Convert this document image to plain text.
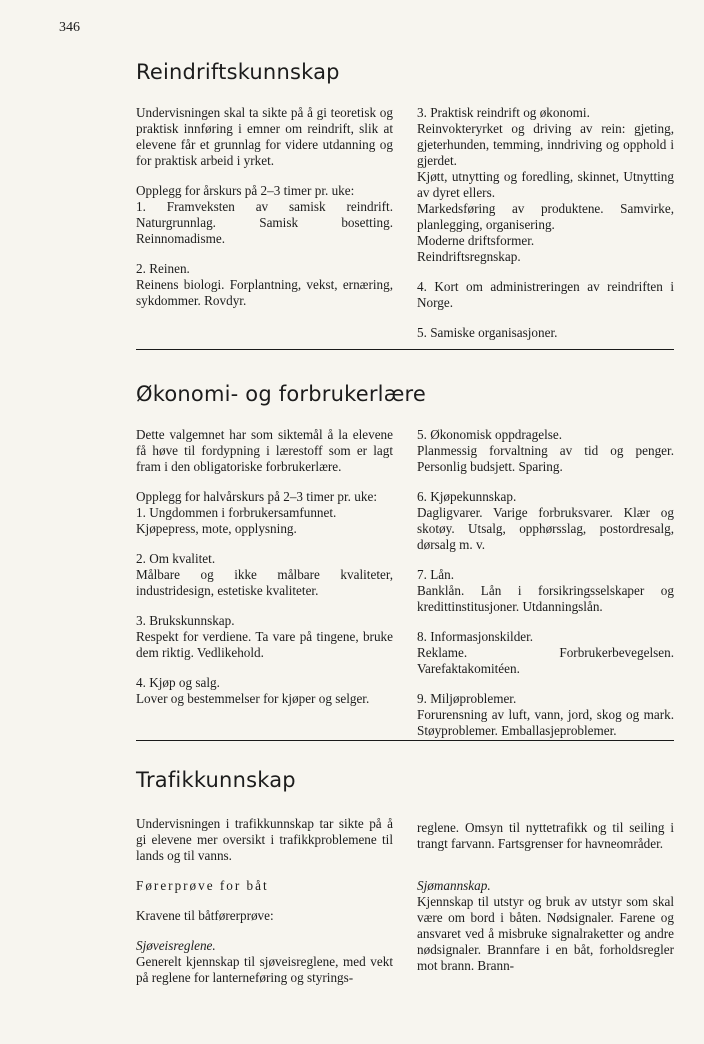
346
Reindriftskunnskap

Undervisningen skal ta sikte på å gi teoretisk og praktisk innføring i emner om reindrift, slik at elevene får et grunnlag for videre utdanning og for praktisk arbeid i yrket.

Opplegg for årskurs på 2–3 timer pr. uke:
1. Framveksten av samisk reindrift. Naturgrunnlag. Samisk bosetting. Reinnomadisme.

2. Reinen.
Reinens biologi. Forplantning, vekst, ernæring, sykdommer. Rovdyr.

3. Praktisk reindrift og økonomi.
Reinvokteryrket og driving av rein: gjeting, gjeterhunden, temming, inndriving og opphold i gjerdet.
Kjøtt, utnytting og foredling, skinnet, Utnytting av dyret ellers.
Markedsføring av produktene. Samvirke, planlegging, organisering.
Moderne driftsformer.
Reindriftsregnskap.

4. Kort om administreringen av reindriften i Norge.

5. Samiske organisasjoner.

Økonomi- og forbrukerlære

Dette valgemnet har som siktemål å la elevene få høve til fordypning i lærestoff som er lagt fram i den obligatoriske forbrukerlære.

Opplegg for halvårskurs på 2–3 timer pr. uke:
1. Ungdommen i forbrukersamfunnet.
Kjøpepress, mote, opplysning.

2. Om kvalitet.
Målbare og ikke målbare kvaliteter, industridesign, estetiske kvaliteter.

3. Brukskunnskap.
Respekt for verdiene. Ta vare på tingene, bruke dem riktig. Vedlikehold.

4. Kjøp og salg.
Lover og bestemmelser for kjøper og selger.

5. Økonomisk oppdragelse.
Planmessig forvaltning av tid og penger. Personlig budsjett. Sparing.

6. Kjøpekunnskap.
Dagligvarer. Varige forbruksvarer. Klær og skotøy. Utsalg, opphørsslag, postordresalg, dørsalg m. v.

7. Lån.
Banklån. Lån i forsikringsselskaper og kredittinstitusjoner. Utdanningslån.

8. Informasjonskilder.
Reklame. Forbrukerbevegelsen. Varefaktakomitéen.

9. Miljøproblemer.
Forurensning av luft, vann, jord, skog og mark. Støyproblemer. Emballasjeproblemer.

Trafikkunnskap

Undervisningen i trafikkunnskap tar sikte på å gi elevene mer oversikt i trafikkproblemene til lands og til vanns.

Førerprøve for båt

Kravene til båtførerprøve:

Sjøveisreglene.
Generelt kjennskap til sjøveisreglene, med vekt på reglene for lanterneføring og styrings-

reglene. Omsyn til nyttetrafikk og til seiling i trangt farvann. Fartsgrenser for havneområder.

Sjømannskap.
Kjennskap til utstyr og bruk av utstyr som skal være om bord i båten. Nødsignaler. Farene og ansvaret ved å misbruke signalraketter og andre nødsignaler. Brannfare i en båt, forholdsregler mot brann. Brann-
